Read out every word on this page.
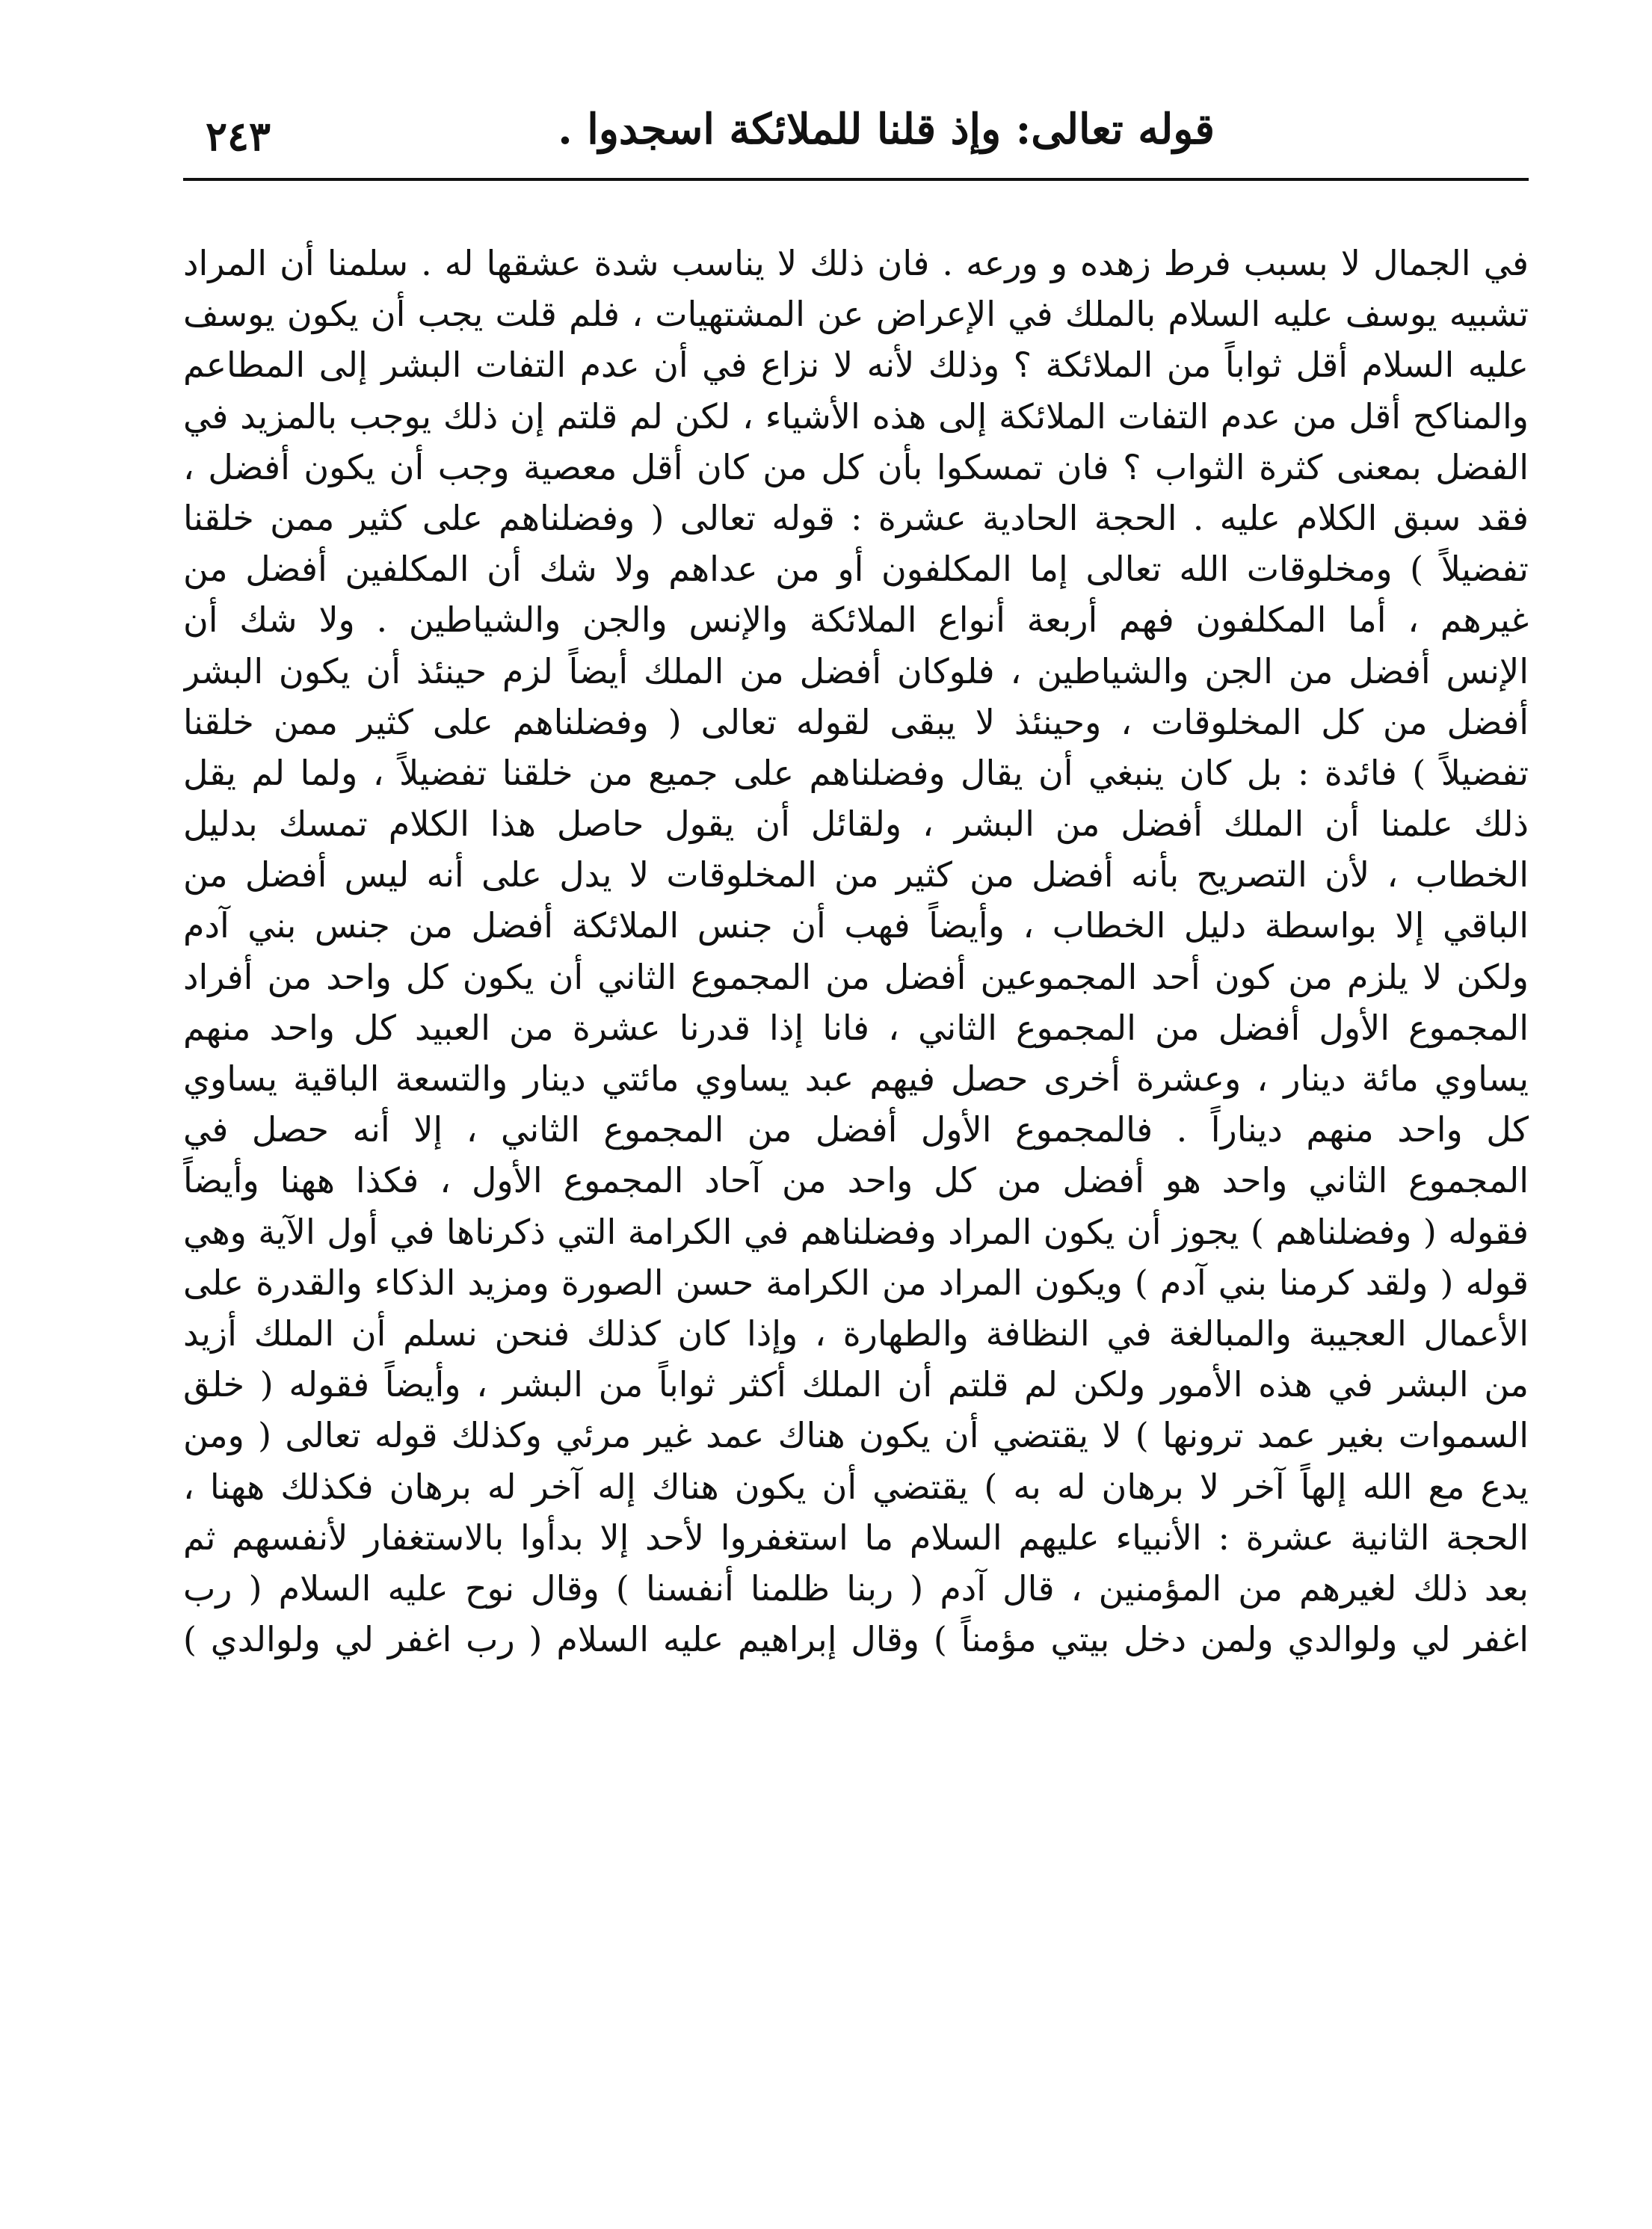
قوله تعالى: وإذ قلنا للملائكة اسجدوا .
٢٤٣
في الجمال لا بسبب فرط زهده و ورعه . فان ذلك لا يناسب شدة عشقها له . سلمنا أن المراد
تشبيه يوسف عليه السلام بالملك في الإعراض عن المشتهيات ، فلم قلت يجب أن يكون يوسف
عليه السلام أقل ثواباً من الملائكة ؟ وذلك لأنه لا نزاع في أن عدم التفات البشر إلى المطاعم
والمناكح أقل من عدم التفات الملائكة إلى هذه الأشياء ، لكن لم قلتم إن ذلك يوجب بالمزيد في
الفضل بمعنى كثرة الثواب ؟ فان تمسكوا بأن كل من كان أقل معصية وجب أن يكون أفضل ،
فقد سبق الكلام عليه . الحجة الحادية عشرة : قوله تعالى ( وفضلناهم على كثير ممن خلقنا
تفضيلاً ) ومخلوقات الله تعالى إما المكلفون أو من عداهم ولا شك أن المكلفين أفضل من
غيرهم ، أما المكلفون فهم أربعة أنواع الملائكة والإنس والجن والشياطين . ولا شك أن
الإنس أفضل من الجن والشياطين ، فلوكان أفضل من الملك أيضاً لزم حينئذ أن يكون البشر
أفضل من كل المخلوقات ، وحينئذ لا يبقى لقوله تعالى ( وفضلناهم على كثير ممن خلقنا
تفضيلاً ) فائدة : بل كان ينبغي أن يقال وفضلناهم على جميع من خلقنا تفضيلاً ، ولما لم يقل
ذلك علمنا أن الملك أفضل من البشر ، ولقائل أن يقول حاصل هذا الكلام تمسك بدليل
الخطاب ، لأن التصريح بأنه أفضل من كثير من المخلوقات لا يدل على أنه ليس أفضل من
الباقي إلا بواسطة دليل الخطاب ، وأيضاً فهب أن جنس الملائكة أفضل من جنس بني آدم
ولكن لا يلزم من كون أحد المجموعين أفضل من المجموع الثاني أن يكون كل واحد من أفراد
المجموع الأول أفضل من المجموع الثاني ، فانا إذا قدرنا عشرة من العبيد كل واحد منهم
يساوي مائة دينار ، وعشرة أخرى حصل فيهم عبد يساوي مائتي دينار والتسعة الباقية يساوي
كل واحد منهم ديناراً . فالمجموع الأول أفضل من المجموع الثاني ، إلا أنه حصل في
المجموع الثاني واحد هو أفضل من كل واحد من آحاد المجموع الأول ، فكذا ههنا وأيضاً
فقوله ( وفضلناهم ) يجوز أن يكون المراد وفضلناهم في الكرامة التي ذكرناها في أول الآية وهي
قوله ( ولقد كرمنا بني آدم ) ويكون المراد من الكرامة حسن الصورة ومزيد الذكاء والقدرة على
الأعمال العجيبة والمبالغة في النظافة والطهارة ، وإذا كان كذلك فنحن نسلم أن الملك أزيد
من البشر في هذه الأمور ولكن لم قلتم أن الملك أكثر ثواباً من البشر ، وأيضاً فقوله ( خلق
السموات بغير عمد ترونها ) لا يقتضي أن يكون هناك عمد غير مرئي وكذلك قوله تعالى ( ومن
يدع مع الله إلهاً آخر لا برهان له به ) يقتضي أن يكون هناك إله آخر له برهان فكذلك ههنا ،
الحجة الثانية عشرة : الأنبياء عليهم السلام ما استغفروا لأحد إلا بدأوا بالاستغفار لأنفسهم ثم
بعد ذلك لغيرهم من المؤمنين ، قال آدم ( ربنا ظلمنا أنفسنا ) وقال نوح عليه السلام ( رب
اغفر لي ولوالدي ولمن دخل بيتي مؤمناً ) وقال إبراهيم عليه السلام ( رب اغفر لي ولوالدي )
